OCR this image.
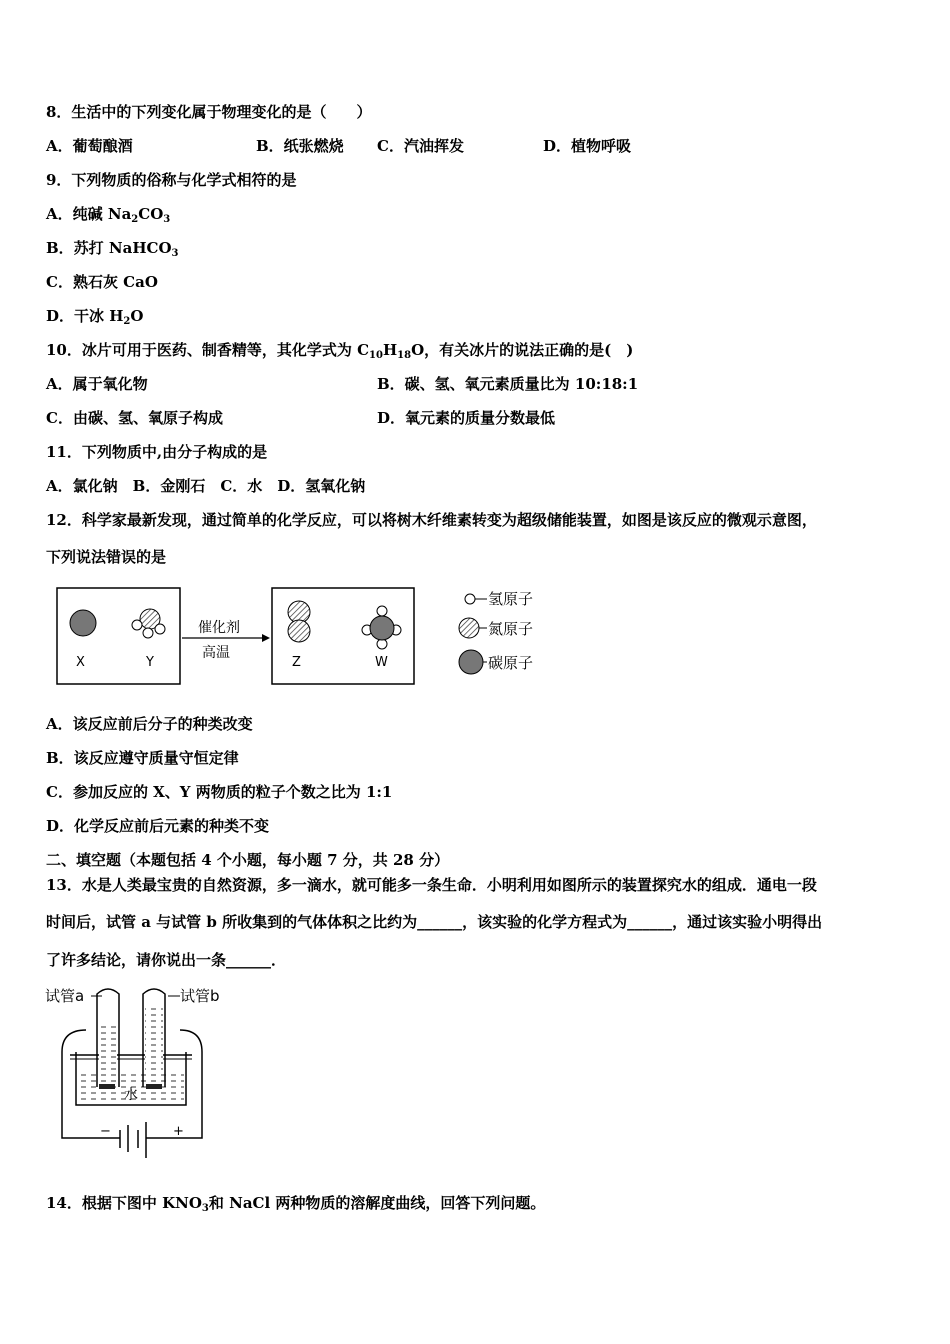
8．生活中的下列变化属于物理变化的是（　　）
A．葡萄酿酒	B．纸张燃烧 C．汽油挥发	D．植物呼吸
9．下列物质的俗称与化学式相符的是
A．纯碱 $Na_2CO_3$
B．苏打 NaHCO$_3$
C．熟石灰 CaO
D．干冰 $H_2O$
10．冰片可用于医药、制香精等，其化学式为 $C_{10}H_{18}O$，有关冰片的说法正确的是(　)
A．属于氧化物	B．碳、氢、氧元素质量比为 10:18:1
C．由碳、氢、氧原子构成	D．氧元素的质量分数最低
11．下列物质中,由分子构成的是
A．氯化钠　B．金刚石　C．水　D．氢氧化钠
12．科学家最新发现，通过简单的化学反应，可以将树木纤维素转变为超级储能装置，如图是该反应的微观示意图，
下列说法错误的是
X	Y
催化剂
高温
Z	W
氢原子
氮原子
碳原子
A．该反应前后分子的种类改变
B．该反应遵守质量守恒定律
C．参加反应的 X、Y 两物质的粒子个数之比为 1:1
D．化学反应前后元素的种类不变
二、填空题（本题包括 4 个小题，每小题 7 分，共 28 分）
13．水是人类最宝贵的自然资源，多一滴水，就可能多一条生命．小明利用如图所示的装置探究水的组成．通电一段
时间后，试管 a 与试管 b 所收集到的气体体积之比约为______，该实验的化学方程式为______，通过该实验小明得出
了许多结论，请你说出一条______．
试管a	试管b
−	+
水
14．根据下图中 $KNO_3$和 NaCl 两种物质的溶解度曲线，回答下列问题。
